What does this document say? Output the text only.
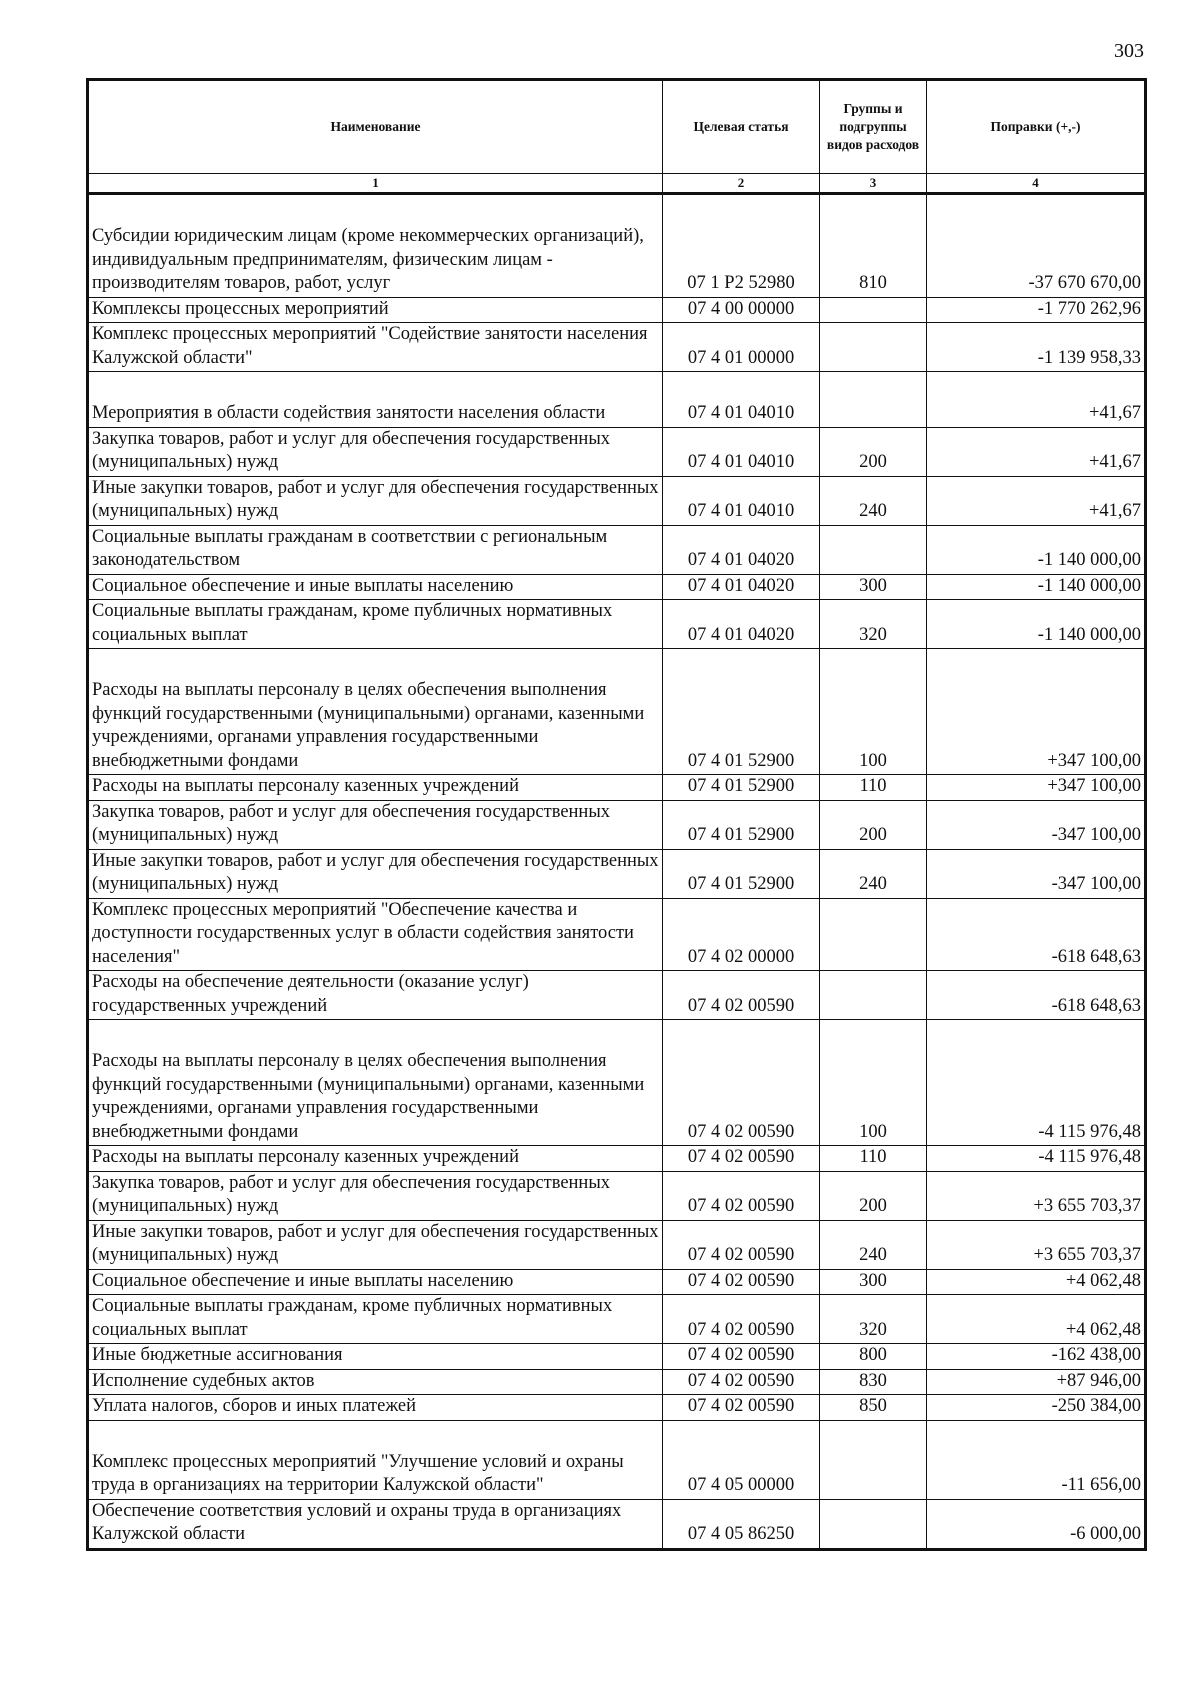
303
Наименование	Целевая статья	Группы и подгруппы видов расходов	Поправки (+,-)
1	2	3	4
Субсидии юридическим лицам (кроме некоммерческих организаций), индивидуальным предпринимателям, физическим лицам - производителям товаров, работ, услуг	07 1 P2 52980	810	-37 670 670,00
Комплексы процессных мероприятий	07 4 00 00000		-1 770 262,96
Комплекс процессных мероприятий "Содействие занятости населения Калужской области"	07 4 01 00000		-1 139 958,33
Мероприятия в области содействия занятости населения области	07 4 01 04010		+41,67
Закупка товаров, работ и услуг для обеспечения государственных (муниципальных) нужд	07 4 01 04010	200	+41,67
Иные закупки товаров, работ и услуг для обеспечения государственных (муниципальных) нужд	07 4 01 04010	240	+41,67
Социальные выплаты гражданам в соответствии с региональным законодательством	07 4 01 04020		-1 140 000,00
Социальное обеспечение и иные выплаты населению	07 4 01 04020	300	-1 140 000,00
Социальные выплаты гражданам, кроме публичных нормативных социальных выплат	07 4 01 04020	320	-1 140 000,00
Расходы на выплаты персоналу в целях обеспечения выполнения функций государственными (муниципальными) органами, казенными учреждениями, органами управления государственными внебюджетными фондами	07 4 01 52900	100	+347 100,00
Расходы на выплаты персоналу казенных учреждений	07 4 01 52900	110	+347 100,00
Закупка товаров, работ и услуг для обеспечения государственных (муниципальных) нужд	07 4 01 52900	200	-347 100,00
Иные закупки товаров, работ и услуг для обеспечения государственных (муниципальных) нужд	07 4 01 52900	240	-347 100,00
Комплекс процессных мероприятий "Обеспечение качества и доступности государственных услуг в области содействия занятости населения"	07 4 02 00000		-618 648,63
Расходы на обеспечение деятельности (оказание услуг) государственных учреждений	07 4 02 00590		-618 648,63
Расходы на выплаты персоналу в целях обеспечения выполнения функций государственными (муниципальными) органами, казенными учреждениями, органами управления государственными внебюджетными фондами	07 4 02 00590	100	-4 115 976,48
Расходы на выплаты персоналу казенных учреждений	07 4 02 00590	110	-4 115 976,48
Закупка товаров, работ и услуг для обеспечения государственных (муниципальных) нужд	07 4 02 00590	200	+3 655 703,37
Иные закупки товаров, работ и услуг для обеспечения государственных (муниципальных) нужд	07 4 02 00590	240	+3 655 703,37
Социальное обеспечение и иные выплаты населению	07 4 02 00590	300	+4 062,48
Социальные выплаты гражданам, кроме публичных нормативных социальных выплат	07 4 02 00590	320	+4 062,48
Иные бюджетные ассигнования	07 4 02 00590	800	-162 438,00
Исполнение судебных актов	07 4 02 00590	830	+87 946,00
Уплата налогов, сборов и иных платежей	07 4 02 00590	850	-250 384,00
Комплекс процессных мероприятий "Улучшение условий и охраны труда в организациях на территории Калужской области"	07 4 05 00000		-11 656,00
Обеспечение соответствия условий и охраны труда в организациях Калужской области	07 4 05 86250		-6 000,00
